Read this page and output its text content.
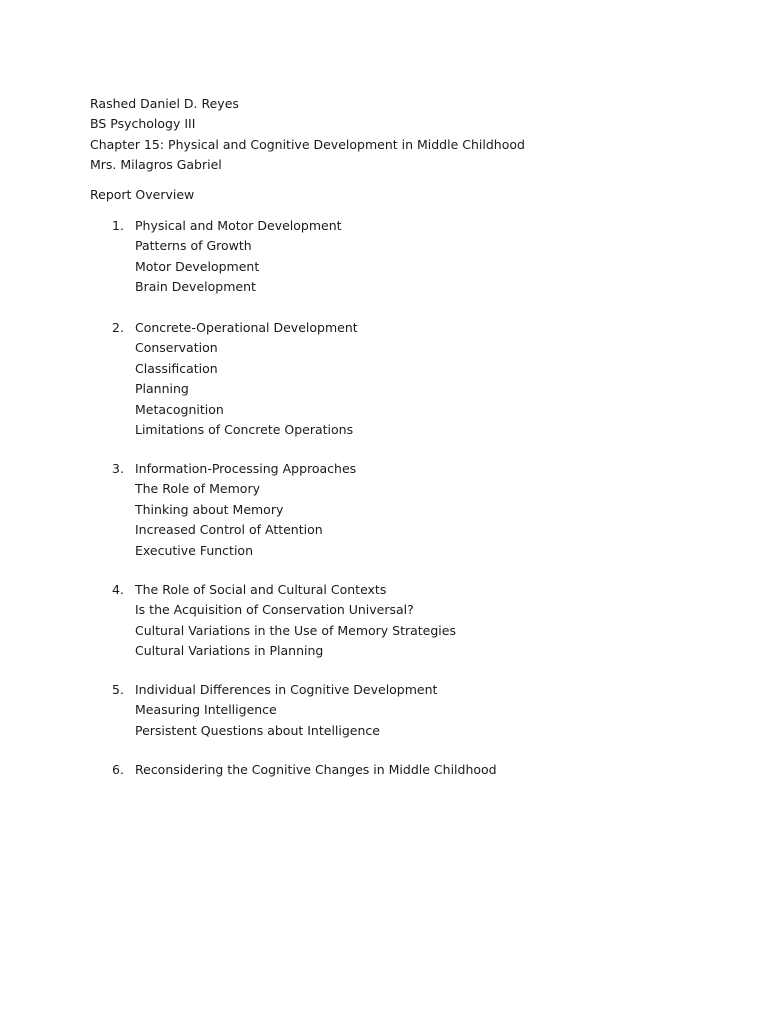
Rashed Daniel D. Reyes
BS Psychology III
Chapter 15: Physical and Cognitive Development in Middle Childhood
Mrs. Milagros Gabriel
Report Overview
1. Physical and Motor Development
Patterns of Growth
Motor Development
Brain Development
2. Concrete-Operational Development
Conservation
Classification
Planning
Metacognition
Limitations of Concrete Operations
3. Information-Processing Approaches
The Role of Memory
Thinking about Memory
Increased Control of Attention
Executive Function
4. The Role of Social and Cultural Contexts
Is the Acquisition of Conservation Universal?
Cultural Variations in the Use of Memory Strategies
Cultural Variations in Planning
5. Individual Differences in Cognitive Development
Measuring Intelligence
Persistent Questions about Intelligence
6. Reconsidering the Cognitive Changes in Middle Childhood
